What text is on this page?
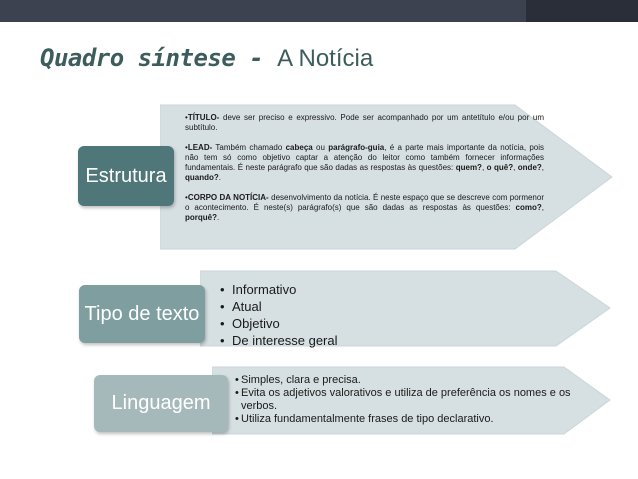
Quadro síntese - A Notícia
Estrutura
Tipo de texto
Linguagem
•TÍTULO- deve ser preciso e expressivo. Pode ser acompanhado por um antetítulo e/ou por um subtítulo.
•LEAD- Também chamado cabeça ou parágrafo-guia, é a parte mais importante da notícia, pois não tem só como objetivo captar a atenção do leitor como também fornecer informações fundamentais. É neste parágrafo que são dadas as respostas às questões: quem?, o quê?, onde?, quando?.
•CORPO DA NOTÍCIA- desenvolvimento da notícia. É neste espaço que se descreve com pormenor o acontecimento. É neste(s) parágrafo(s) que são dadas as respostas às questões: como?, porquê?.
• Informativo
• Atual
• Objetivo
• De interesse geral
• Simples, clara e precisa.
• Evita os adjetivos valorativos e utiliza de preferência os nomes e os verbos.
• Utiliza fundamentalmente frases de tipo declarativo.
